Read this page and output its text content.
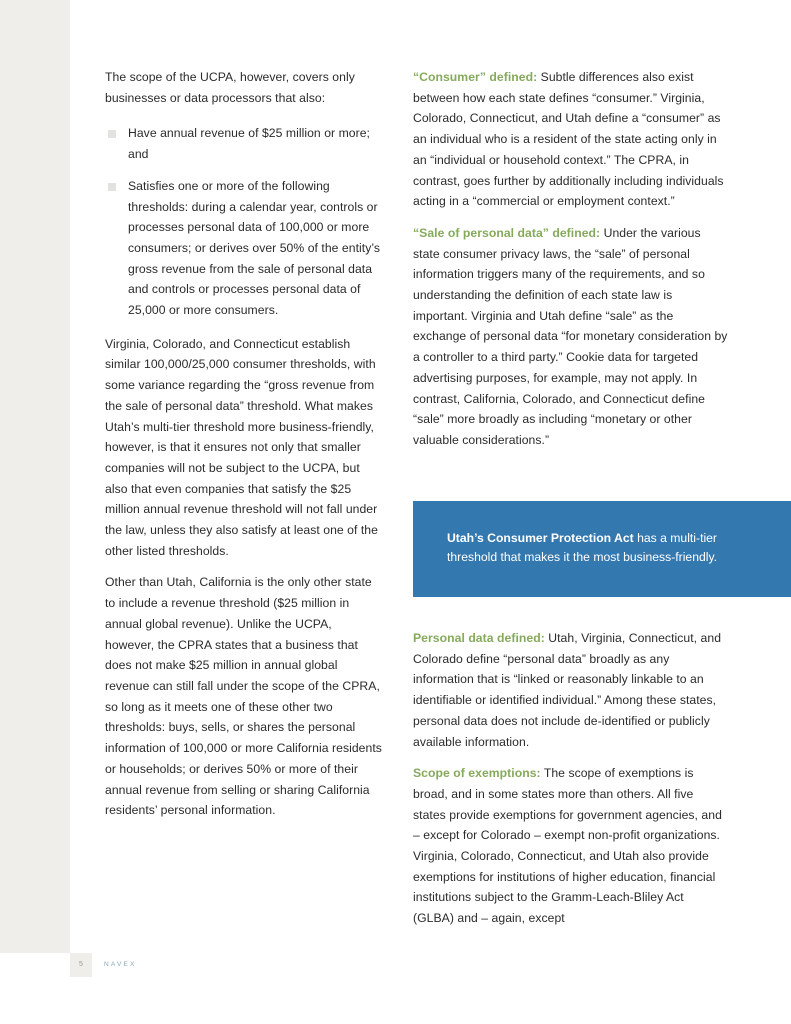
The scope of the UCPA, however, covers only businesses or data processors that also:

Have annual revenue of $25 million or more; and
Satisfies one or more of the following thresholds: during a calendar year, controls or processes personal data of 100,000 or more consumers; or derives over 50% of the entity’s gross revenue from the sale of personal data and controls or processes personal data of 25,000 or more consumers.

Virginia, Colorado, and Connecticut establish similar 100,000/25,000 consumer thresholds, with some variance regarding the “gross revenue from the sale of personal data” threshold. What makes Utah’s multi-tier threshold more business-friendly, however, is that it ensures not only that smaller companies will not be subject to the UCPA, but also that even companies that satisfy the $25 million annual revenue threshold will not fall under the law, unless they also satisfy at least one of the other listed thresholds.

Other than Utah, California is the only other state to include a revenue threshold ($25 million in annual global revenue). Unlike the UCPA, however, the CPRA states that a business that does not make $25 million in annual global revenue can still fall under the scope of the CPRA, so long as it meets one of these other two thresholds: buys, sells, or shares the personal information of 100,000 or more California residents or households; or derives 50% or more of their annual revenue from selling or sharing California residents’ personal information.

“Consumer” defined: Subtle differences also exist between how each state defines “consumer.” Virginia, Colorado, Connecticut, and Utah define a “consumer” as an individual who is a resident of the state acting only in an “individual or household context.” The CPRA, in contrast, goes further by additionally including individuals acting in a “commercial or employment context.”

“Sale of personal data” defined: Under the various state consumer privacy laws, the “sale” of personal information triggers many of the requirements, and so understanding the definition of each state law is important. Virginia and Utah define “sale” as the exchange of personal data “for monetary consideration by a controller to a third party.” Cookie data for targeted advertising purposes, for example, may not apply. In contrast, California, Colorado, and Connecticut define “sale” more broadly as including “monetary or other valuable considerations.”

Utah’s Consumer Protection Act has a multi-tier threshold that makes it the most business-friendly.

Personal data defined: Utah, Virginia, Connecticut, and Colorado define “personal data” broadly as any information that is “linked or reasonably linkable to an identifiable or identified individual.” Among these states, personal data does not include de-identified or publicly available information.

Scope of exemptions: The scope of exemptions is broad, and in some states more than others. All five states provide exemptions for government agencies, and – except for Colorado – exempt non-profit organizations. Virginia, Colorado, Connecticut, and Utah also provide exemptions for institutions of higher education, financial institutions subject to the Gramm-Leach-Bliley Act (GLBA) and – again, except

5	NAVEX
